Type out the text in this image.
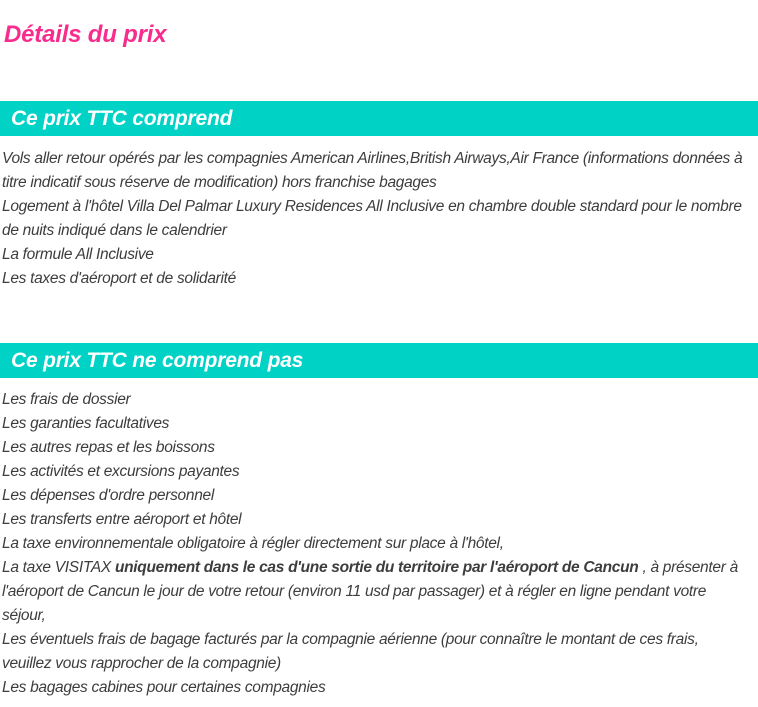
Détails du prix
Ce prix TTC comprend

Vols aller retour opérés par les compagnies American Airlines,British Airways,Air France (informations données à titre indicatif sous réserve de modification) hors franchise bagages

Logement à l'hôtel Villa Del Palmar Luxury Residences All Inclusive en chambre double standard pour le nombre de nuits indiqué dans le calendrier

La formule All Inclusive

Les taxes d'aéroport et de solidarité

Ce prix TTC ne comprend pas

Les frais de dossier

Les garanties facultatives

Les autres repas et les boissons

Les activités et excursions payantes

Les dépenses d'ordre personnel

Les transferts entre aéroport et hôtel

La taxe environnementale obligatoire à régler directement sur place à l'hôtel,

La taxe VISITAX uniquement dans le cas d'une sortie du territoire par l'aéroport de Cancun , à présenter à l'aéroport de Cancun le jour de votre retour (environ 11 usd par passager) et à régler en ligne pendant votre séjour,

Les éventuels frais de bagage facturés par la compagnie aérienne (pour connaître le montant de ces frais, veuillez vous rapprocher de la compagnie)

Les bagages cabines pour certaines compagnies
